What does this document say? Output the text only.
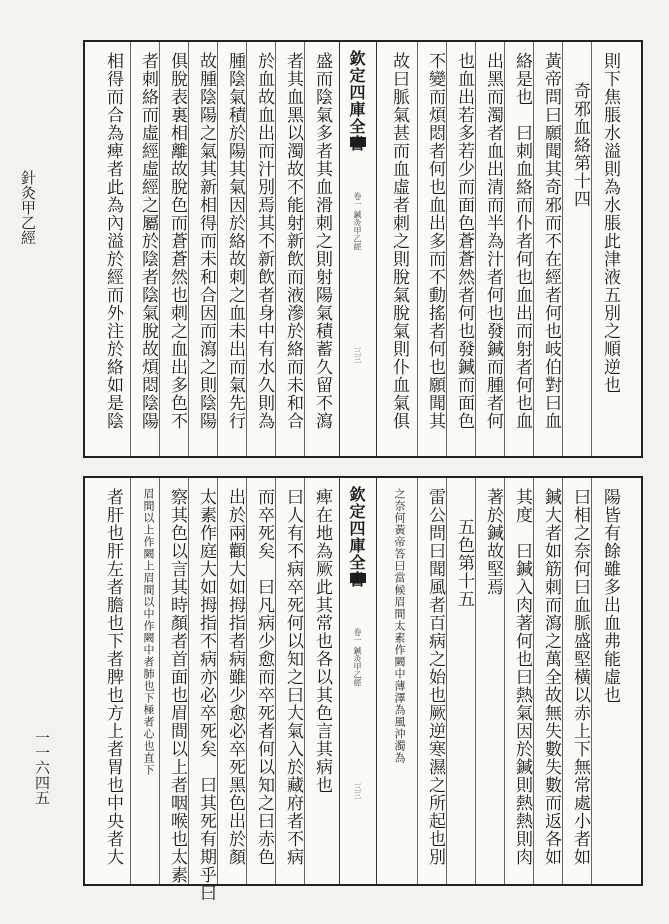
針灸甲乙經
一一六四五
欽定四庫全書
卷一 鍼灸甲乙經
三三	則下焦脹水溢則為水脹此津液五別之順逆也
奇邪血絡第十四
黃帝問曰願聞其奇邪而不在經者何也岐伯對曰血
絡是也　曰刺血絡而仆者何也血出而射者何也血
出黑而濁者血出清而半為汁者何也發鍼而腫者何
也血出若多若少而面色蒼蒼然者何也發鍼而面色
不變而煩悶者何也血出多而不動搖者何也願聞其
故曰脈氣甚而血虛者刺之則脫氣脫氣則仆血氣俱
盛而陰氣多者其血滑刺之則射陽氣積蓄久留不瀉
者其血黑以濁故不能射新飲而液滲於絡而未和合
於血故血出而汁別焉其不新飲者身中有水久則為
腫陰氣積於陽其氣因於絡故刺之血未出而氣先行
故腫陰陽之氣其新相得而未和合因而瀉之則陰陽
俱脫表裏相離故脫色而蒼蒼然也刺之血出多色不
者刺絡而虛經虛經之屬於陰者陰氣脫故煩悶陰陽
相得而合為痺者此為內溢於經而外注於絡如是陰
欽定四庫全書
卷一 鍼灸甲乙經
三三
陽皆有餘雖多出血弗能虛也
曰相之奈何曰血脈盛堅橫以赤上下無常處小者如
鍼大者如筋刺而瀉之萬全故無失數失數而返各如
其度　曰鍼入肉著何也曰熱氣因於鍼則熱熱則肉
著於鍼故堅焉
五色第十五
雷公問曰聞風者百病之始也厥逆寒濕之所起也別
之奈何黃帝答曰當候眉間太素作闕中薄澤為風沖濁為
痺在地為厥此其常也各以其色言其病也
曰人有不病卒死何以知之曰大氣入於藏府者不病
而卒死矣　曰凡病少愈而卒死者何以知之曰赤色
出於兩顴大如拇指者病雖少愈必卒死黑色出於顏
太素作庭大如拇指不病亦必卒死矣　曰其死有期乎曰
察其色以言其時顏者首面也眉間以上者咽喉也太素
眉間以上作闕上眉間以中作闕中者肺也下極者心也直下
者肝也肝左者膽也下者脾也方上者胃也中央者大
